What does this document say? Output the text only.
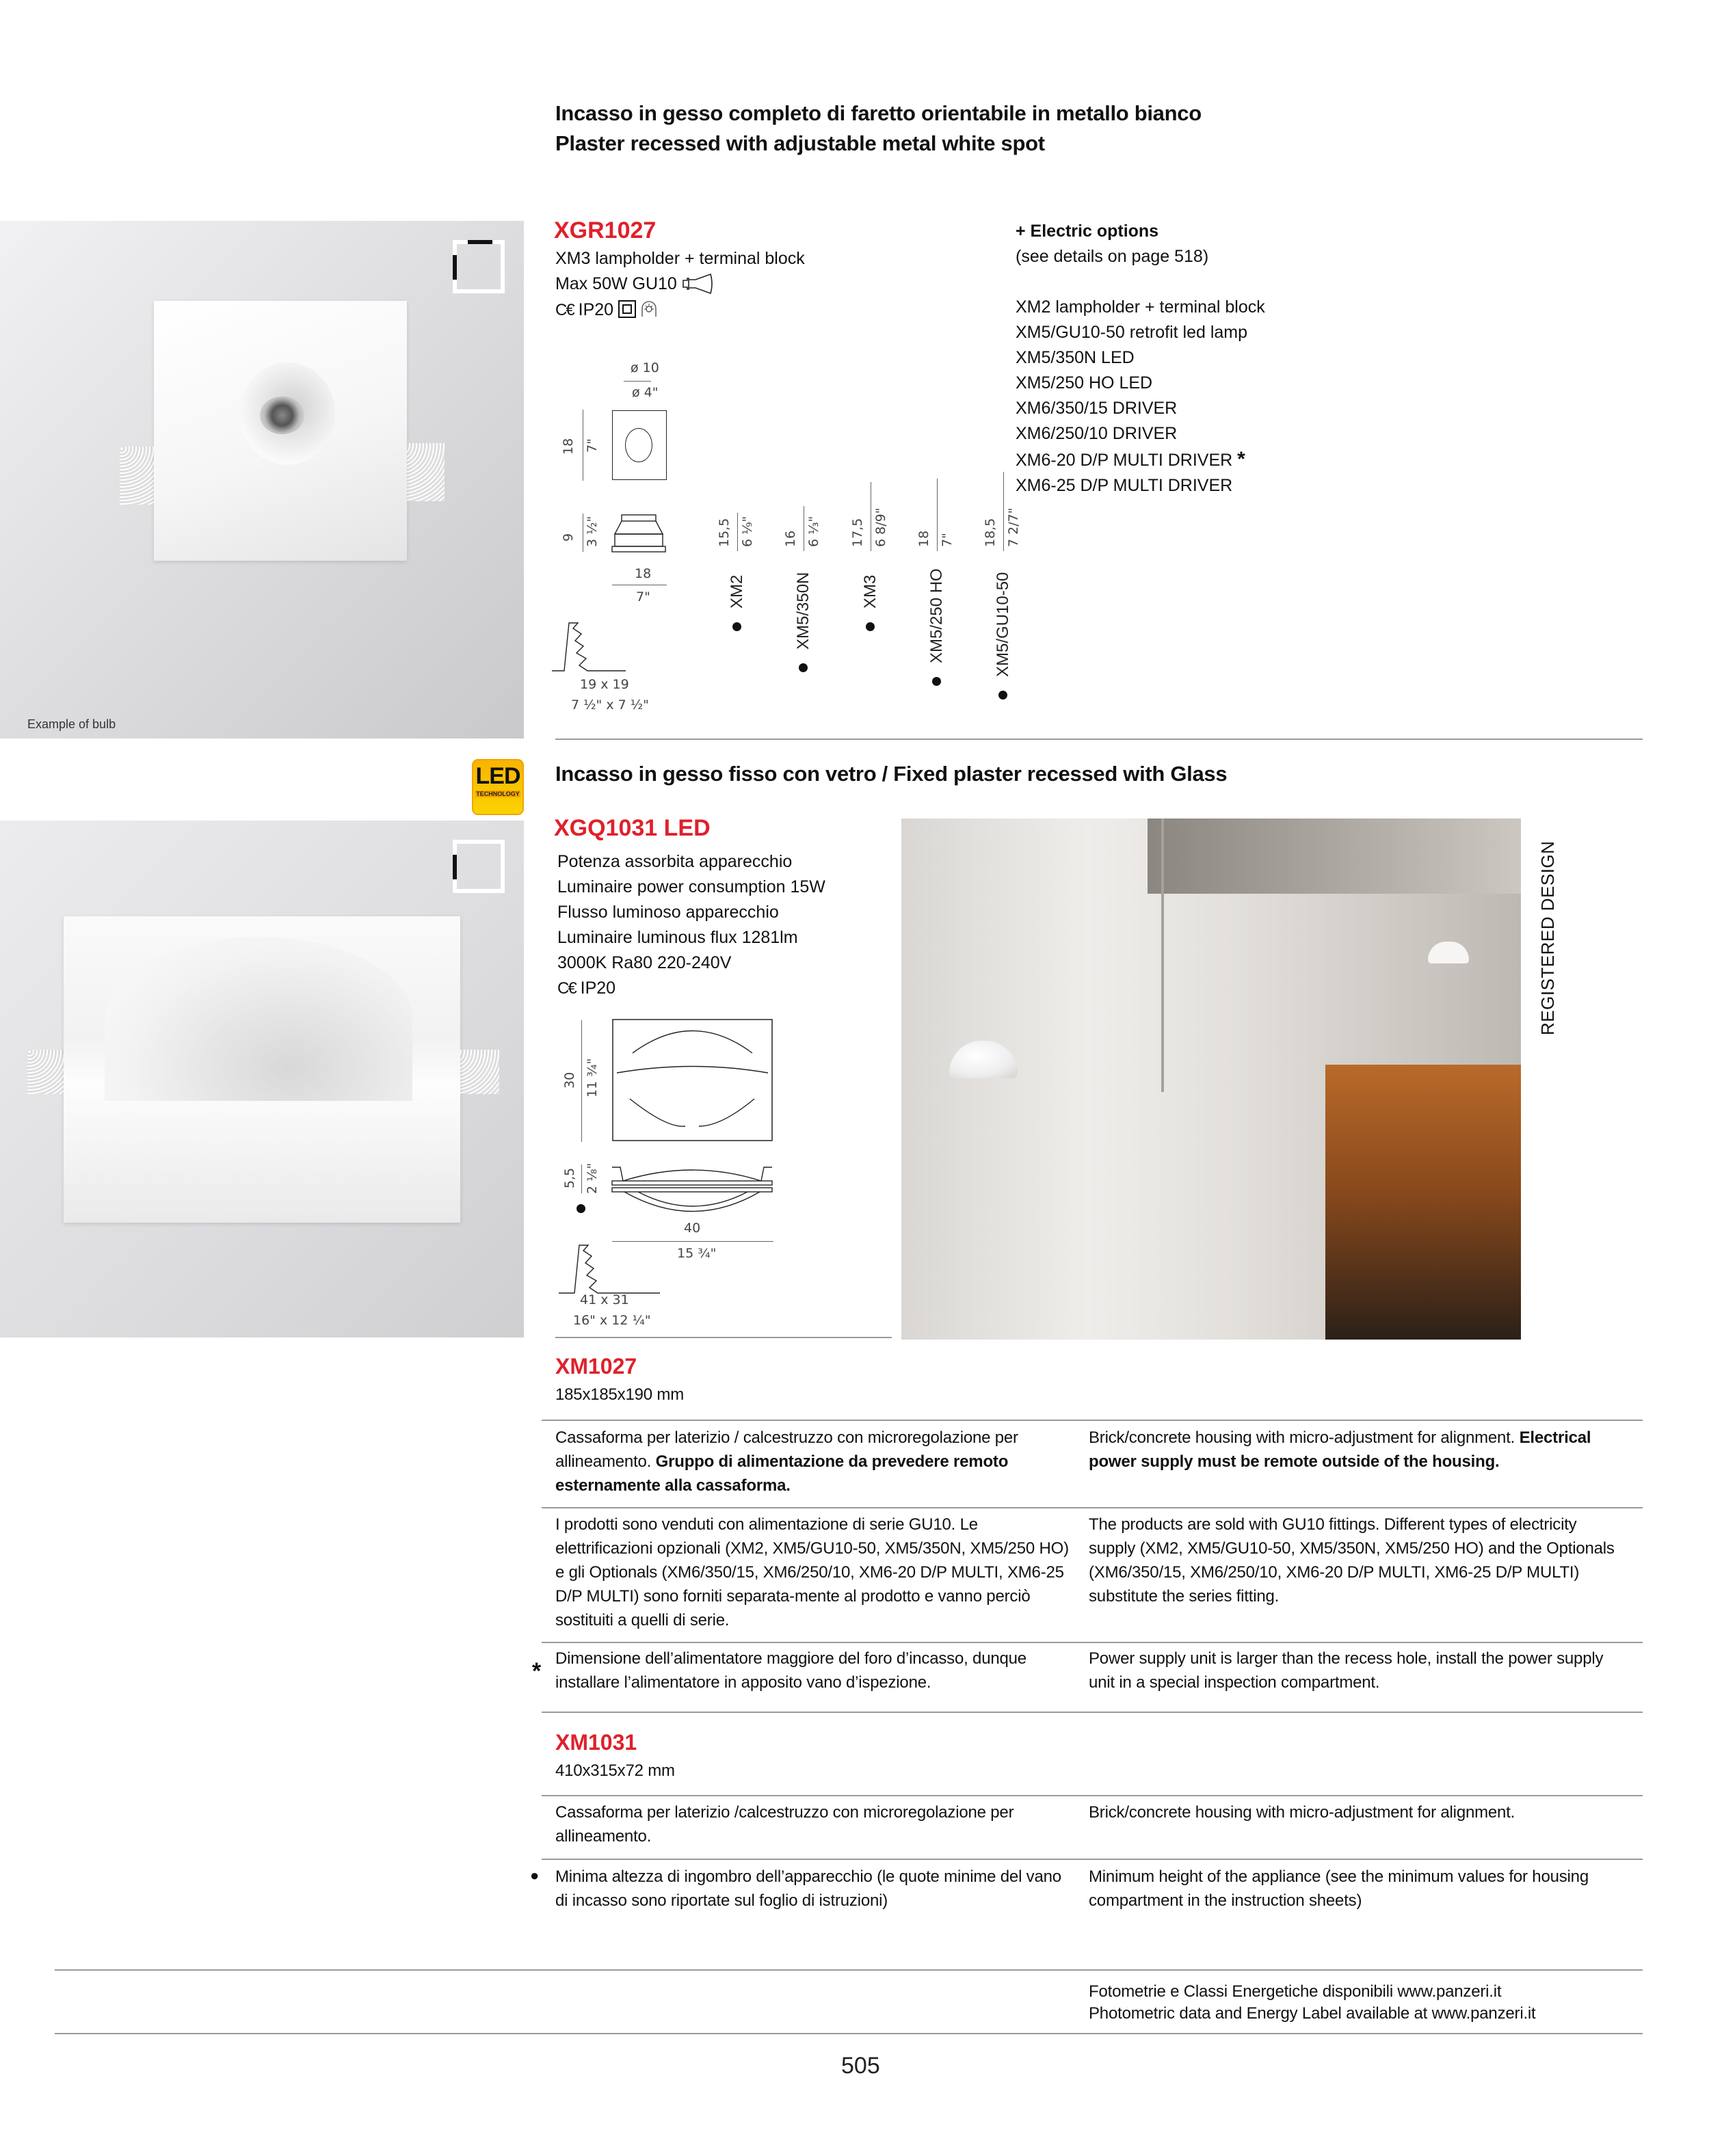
Incasso in gesso completo di faretto orientabile in metallo bianco
Plaster recessed with adjustable metal white spot
Example of bulb
XGR1027
XM3 lampholder + terminal block
Max 50W GU10
C€ IP20
+ Electric options
(see details on page 518)
XM2 lampholder + terminal block
XM5/GU10-50 retrofit led lamp
XM5/350N LED
XM5/250 HO LED
XM6/350/15 DRIVER
XM6/250/10 DRIVER
XM6-20 D/P MULTI DRIVER *
XM6-25 D/P MULTI DRIVER
ø 10
ø 4"
18 7"
9 3 ½"
18
7"
19 x 19
7 ½" x 7 ½"
15,5 6 ⅑"
XM2
16 6 ⅓"
XM5/350N
17,5 6 8/9"
XM3
18 7"
XM5/250 HO
18,5 7 2/7"
XM5/GU10-50
LED
TECHNOLOGY
Incasso in gesso fisso con vetro / Fixed plaster recessed with Glass
XGQ1031 LED
Potenza assorbita apparecchio
Luminaire power consumption 15W
Flusso luminoso apparecchio
Luminaire luminous flux 1281lm
3000K Ra80 220-240V
C€ IP20	REGISTERED DESIGN
30 11 ¾"
5,5 2 ⅛"
40
15 ¾"
41 x 31
16" x 12 ¼"
XM1027
185x185x190 mm
Cassaforma per laterizio / calcestruzzo con microregolazione per allineamento. Gruppo di alimentazione da prevedere remoto esternamente alla cassaforma.
Brick/concrete housing with micro-adjustment for alignment. Electrical power supply must be remote outside of the housing.
I prodotti sono venduti con alimentazione di serie GU10. Le elettrificazioni opzionali (XM2, XM5/GU10-50, XM5/350N, XM5/250 HO) e gli Optionals (XM6/350/15, XM6/250/10, XM6-20 D/P MULTI, XM6-25 D/P MULTI) sono forniti separata-mente al prodotto e vanno perciò sostituiti a quelli di serie.
The products are sold with GU10 fittings. Different types of electricity supply (XM2, XM5/GU10-50, XM5/350N, XM5/250 HO) and the Optionals (XM6/350/15, XM6/250/10, XM6-20 D/P MULTI, XM6-25 D/P MULTI) substitute the series fitting.
* Dimensione dell’alimentatore maggiore del foro d’incasso, dunque installare l’alimentatore in apposito vano d’ispezione.
Power supply unit is larger than the recess hole, install the power supply unit in a special inspection compartment.
XM1031
410x315x72 mm
Cassaforma per laterizio /calcestruzzo con microregolazione per allineamento.
Brick/concrete housing with micro-adjustment for alignment.
● Minima altezza di ingombro dell’apparecchio (le quote minime del vano di incasso sono riportate sul foglio di istruzioni)
Minimum height of the appliance (see the minimum values for housing compartment in the instruction sheets)
Fotometrie e Classi Energetiche disponibili www.panzeri.it
Photometric data and Energy Label available at www.panzeri.it
505
